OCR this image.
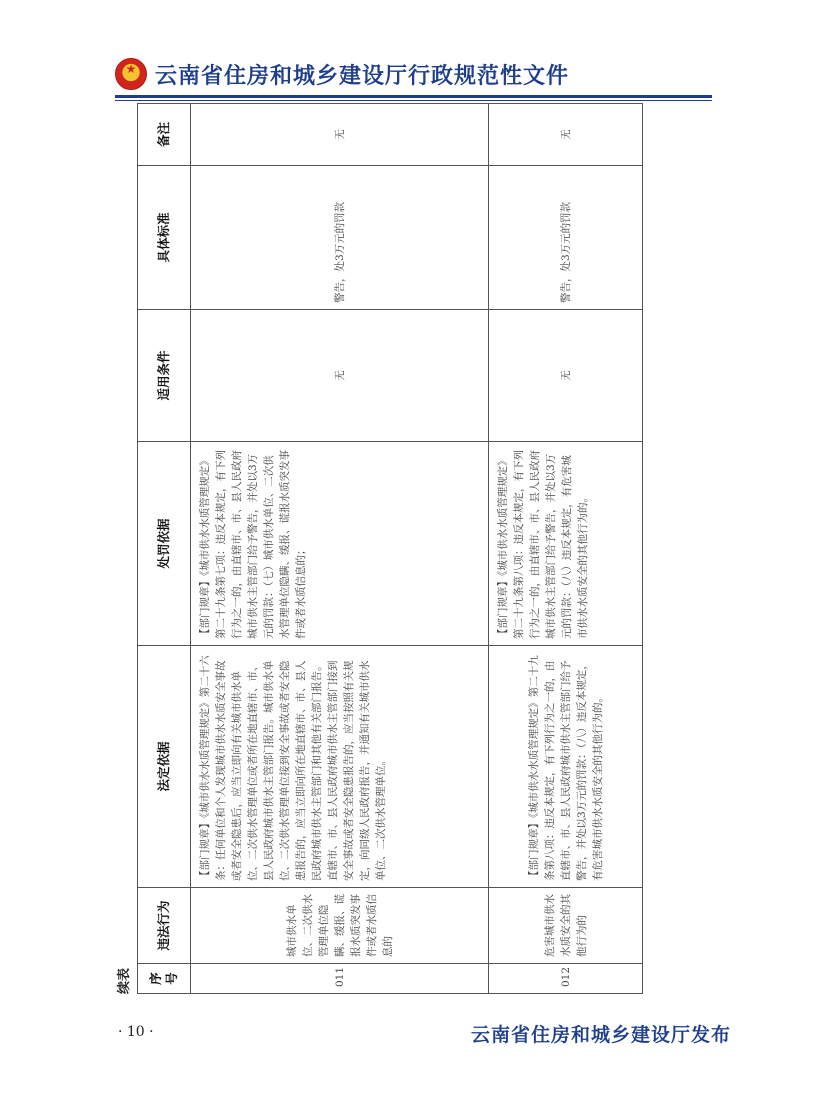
★
云南省住房和城乡建设厅行政规范性文件
续表 序号	违法行为	法定依据	处罚依据	适用条件	具体标准	备注
011	城市供水单位、二次供水管理单位隐瞒、缓报、谎报水质突发事件或者水质信息的	【部门规章】《城市供水水质管理规定》第二十六条：任何单位和个人发现城市供水水质安全事故或者安全隐患后，应当立即向有关城市供水单位、二次供水管理单位或者所在地直辖市、市、县人民政府城市供水主管部门报告。城市供水单位、二次供水管理单位接到安全事故或者安全隐患报告的，应当立即向所在地直辖市、市、县人民政府城市供水主管部门和其他有关部门报告。直辖市、市、县人民政府城市供水主管部门接到安全事故或者安全隐患报告的，应当按照有关规定，向同级人民政府报告，并通知有关城市供水单位、二次供水管理单位。	【部门规章】《城市供水水质管理规定》第二十九条第七项：违反本规定，有下列行为之一的，由直辖市、市、县人民政府城市供水主管部门给予警告，并处以3万元的罚款：（七）城市供水单位、二次供水管理单位隐瞒、缓报、谎报水质突发事件或者水质信息的；	无	警告，处3万元的罚款	无
012	危害城市供水水质安全的其他行为的	【部门规章】《城市供水水质管理规定》第二十九条第八项：违反本规定，有下列行为之一的，由直辖市、市、县人民政府城市供水主管部门给予警告，并处以3万元的罚款：（八）违反本规定，有危害城市供水水质安全的其他行为的。	【部门规章】《城市供水水质管理规定》第二十九条第八项：违反本规定，有下列行为之一的，由直辖市、市、县人民政府城市供水主管部门给予警告，并处以3万元的罚款：（八）违反本规定，有危害城市供水水质安全的其他行为的。	无	警告，处3万元的罚款	无
· 10 ·	云南省住房和城乡建设厅发布
